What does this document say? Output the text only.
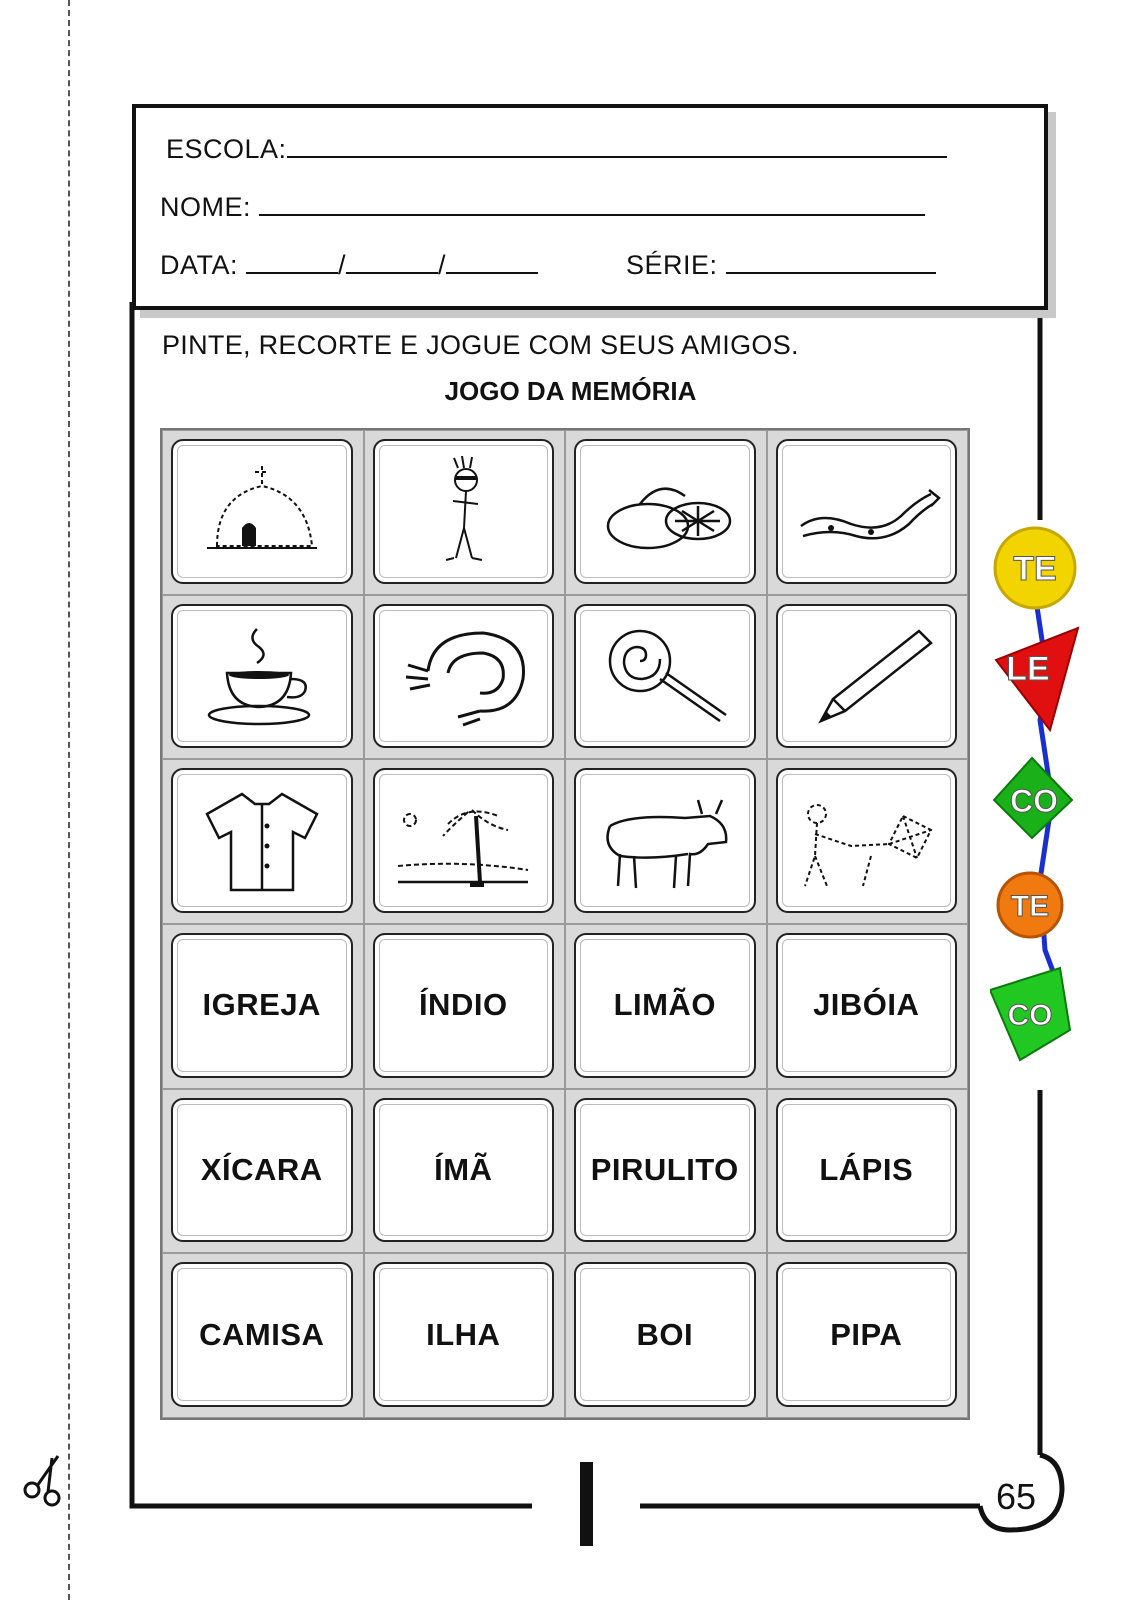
ESCOLA:
NOME:
DATA:	/	/	SÉRIE:
PINTE, RECORTE E JOGUE COM SEUS AMIGOS.
JOGO DA MEMÓRIA
IGREJA	ÍNDIO	LIMÃO	JIBÓIA
XÍCARA	ÍMÃ	PIRULITO	LÁPIS
CAMISA	ILHA	BOI	PIPA
TE
LE
CO
TE
CO
65
